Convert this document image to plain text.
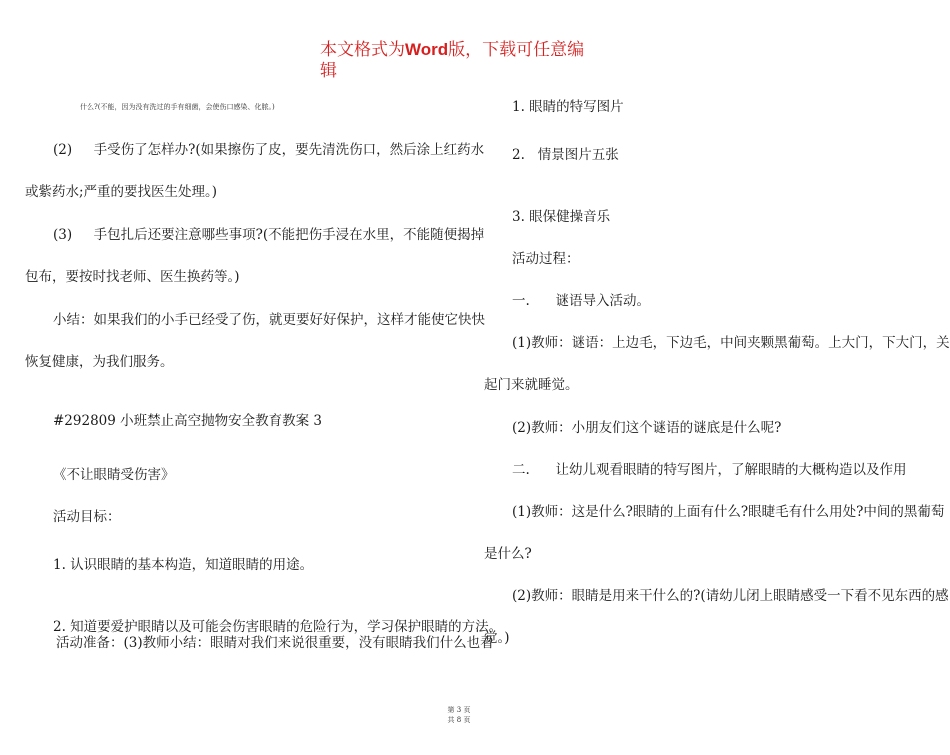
本文格式为Word版，下载可任意编
辑
什么?(不能，因为没有洗过的手有细菌，会使伤口感染、化脓。)
(2)     手受伤了怎样办?(如果擦伤了皮，要先清洗伤口，然后涂上红药水
或紫药水;严重的要找医生处理。)
(3)     手包扎后还要注意哪些事项?(不能把伤手浸在水里，不能随便揭掉
包布，要按时找老师、医生换药等。)
小结：如果我们的小手已经受了伤，就更要好好保护，这样才能使它快快
恢复健康，为我们服务。
#292809 小班禁止高空抛物安全教育教案 3
《不让眼睛受伤害》
活动目标：
1. 认识眼睛的基本构造，知道眼睛的用途。
2. 知道要爱护眼睛以及可能会伤害眼睛的危险行为，学习保护眼睛的方法。
活动准备：(3)教师小结：眼睛对我们来说很重要，没有眼睛我们什么也看
1. 眼睛的特写图片
2.   情景图片五张
3. 眼保健操音乐
活动过程：
一.      谜语导入活动。
(1)教师：谜语：上边毛，下边毛，中间夹颗黑葡萄。上大门，下大门，关
起门来就睡觉。
(2)教师：小朋友们这个谜语的谜底是什么呢?
二.      让幼儿观看眼睛的特写图片，了解眼睛的大概构造以及作用
(1)教师：这是什么?眼睛的上面有什么?眼睫毛有什么用处?中间的黑葡萄
是什么?
(2)教师：眼睛是用来干什么的?(请幼儿闭上眼睛感受一下看不见东西的感
觉。)
第 3 页
共 8 页
